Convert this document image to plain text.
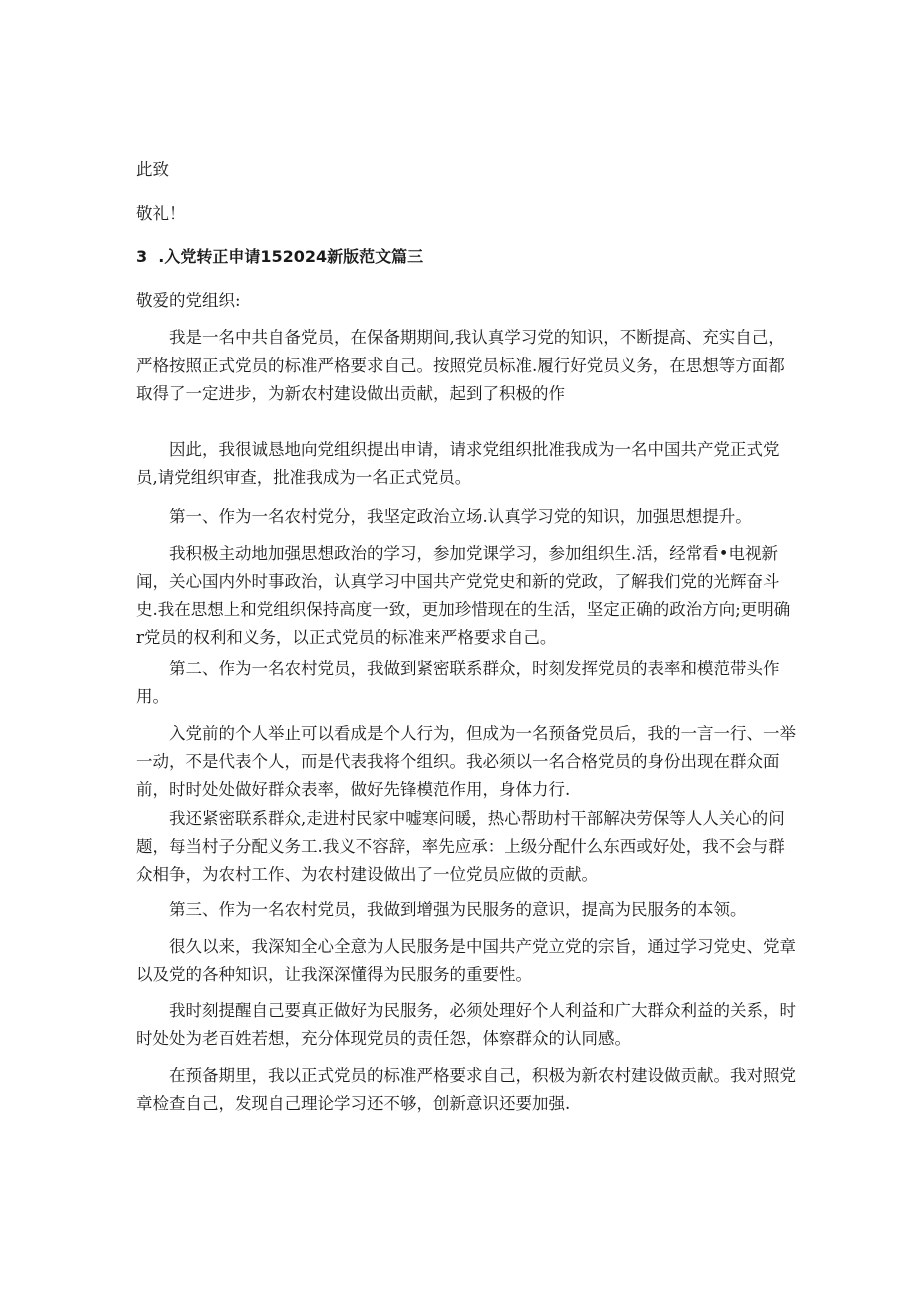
此致

敬礼！

3  .入党转正申请152024新版范文篇三

敬爱的党组织:

我是一名中共自备党员，在保备期期间,我认真学习党的知识，不断提高、充实自己，严格按照正式党员的标准严格要求自己。按照党员标准.履行好党员义务，在思想等方面都取得了一定进步，为新农村建设做出贡献，起到了积极的作

因此，我很诚恳地向党组织提出申请，请求党组织批准我成为一名中国共产党正式党员,请党组织审查，批准我成为一名正式党员。

第一、作为一名农村党分，我坚定政治立场.认真学习党的知识，加强思想提升。

我积极主动地加强思想政治的学习，参加党课学习，参加组织生.活，经常看•电视新闻，关心国内外时事政治，认真学习中国共产党党史和新的党政，了解我们党的光辉奋斗史.我在思想上和党组织保持高度一致，更加珍惜现在的生活，坚定正确的政治方向;更明确r党员的权利和义务，以正式党员的标准来严格要求自己。

第二、作为一名农村党员，我做到紧密联系群众，时刻发挥党员的表率和模范带头作用。

入党前的个人举止可以看成是个人行为，但成为一名预备党员后，我的一言一行、一举一动，不是代表个人，而是代表我将个组织。我必须以一名合格党员的身份出现在群众面前，时时处处做好群众表率，做好先锋模范作用，身体力行.

我还紧密联系群众,走进村民家中嘘寒问暖，热心帮助村干部解决劳保等人人关心的问题，每当村子分配义务工.我义不容辞，率先应承：上级分配什么东西或好处，我不会与群众相争，为农村工作、为农村建设做出了一位党员应做的贡献。

第三、作为一名农村党员，我做到增强为民服务的意识，提高为民服务的本领。

很久以来，我深知全心全意为人民服务是中国共产党立党的宗旨，通过学习党史、党章以及党的各种知识，让我深深懂得为民服务的重要性。

我时刻提醒自己要真正做好为民服务，必须处理好个人利益和广大群众利益的关系，时时处处为老百姓若想，充分体现党员的责任怨，体察群众的认同感。

在预备期里，我以正式党员的标准严格要求自己，积极为新农村建设做贡献。我对照党章检查自己，发现自己理论学习还不够，创新意识还要加强.
